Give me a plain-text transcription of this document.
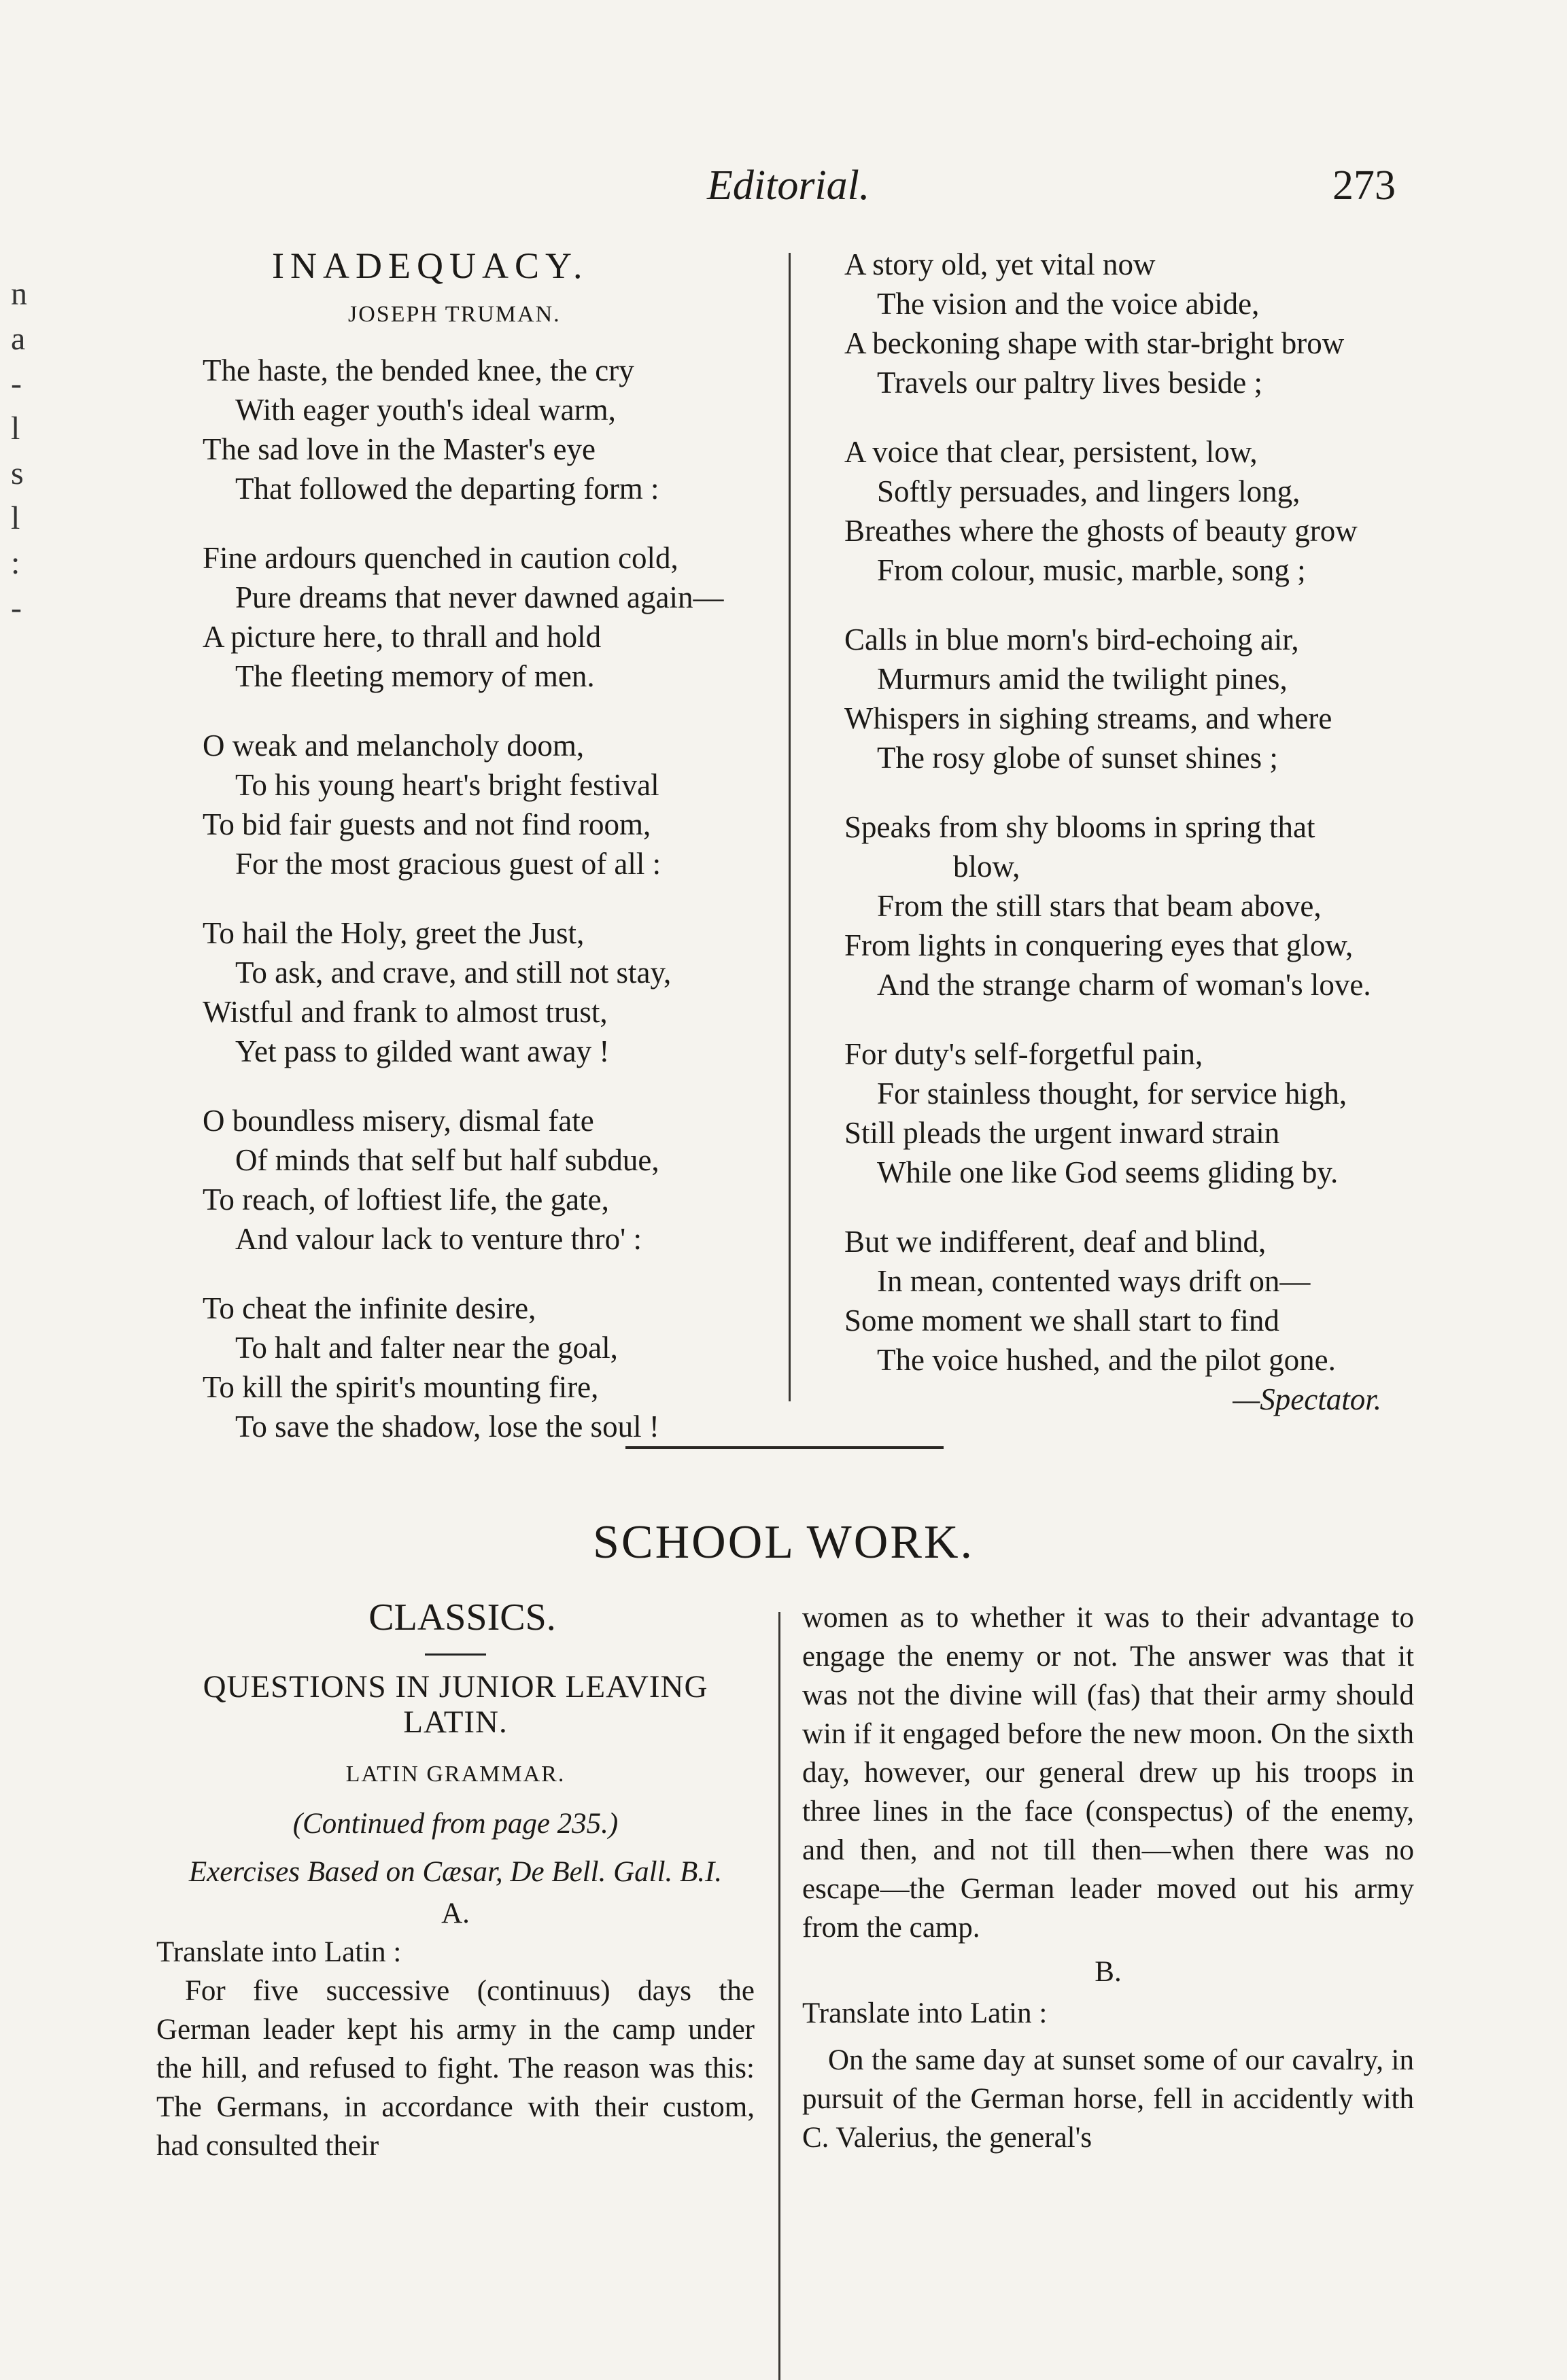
Editorial.	273
n
a
-
l
s
l
:
-
INADEQUACY.
JOSEPH TRUMAN.
The haste, the bended knee, the cry
With eager youth's ideal warm,
The sad love in the Master's eye
That followed the departing form :
Fine ardours quenched in caution cold,
Pure dreams that never dawned again—
A picture here, to thrall and hold
The fleeting memory of men.
O weak and melancholy doom,
To his young heart's bright festival
To bid fair guests and not find room,
For the most gracious guest of all :
To hail the Holy, greet the Just,
To ask, and crave, and still not stay,
Wistful and frank to almost trust,
Yet pass to gilded want away !
O boundless misery, dismal fate
Of minds that self but half subdue,
To reach, of loftiest life, the gate,
And valour lack to venture thro' :
To cheat the infinite desire,
To halt and falter near the goal,
To kill the spirit's mounting fire,
To save the shadow, lose the soul !
A story old, yet vital now
The vision and the voice abide,
A beckoning shape with star-bright brow
Travels our paltry lives beside ;
A voice that clear, persistent, low,
Softly persuades, and lingers long,
Breathes where the ghosts of beauty grow
From colour, music, marble, song ;
Calls in blue morn's bird-echoing air,
Murmurs amid the twilight pines,
Whispers in sighing streams, and where
The rosy globe of sunset shines ;
Speaks from shy blooms in spring that
blow,
From the still stars that beam above,
From lights in conquering eyes that glow,
And the strange charm of woman's love.
For duty's self-forgetful pain,
For stainless thought, for service high,
Still pleads the urgent inward strain
While one like God seems gliding by.
But we indifferent, deaf and blind,
In mean, contented ways drift on—
Some moment we shall start to find
The voice hushed, and the pilot gone.
—Spectator.
SCHOOL WORK.
CLASSICS.
QUESTIONS IN JUNIOR LEAVING LATIN.
LATIN GRAMMAR.
(Continued from page 235.)
Exercises Based on Cæsar, De Bell. Gall. B.I.
A.
Translate into Latin :

For five successive (continuus) days the German leader kept his army in the camp under the hill, and refused to fight. The reason was this: The Germans, in accordance with their custom, had consulted their

women as to whether it was to their advantage to engage the enemy or not. The answer was that it was not the divine will (fas) that their army should win if it engaged before the new moon. On the sixth day, however, our general drew up his troops in three lines in the face (conspectus) of the enemy, and then, and not till then—when there was no escape—the German leader moved out his army from the camp.

B.
Translate into Latin :

On the same day at sunset some of our cavalry, in pursuit of the German horse, fell in accidently with C. Valerius, the general's
